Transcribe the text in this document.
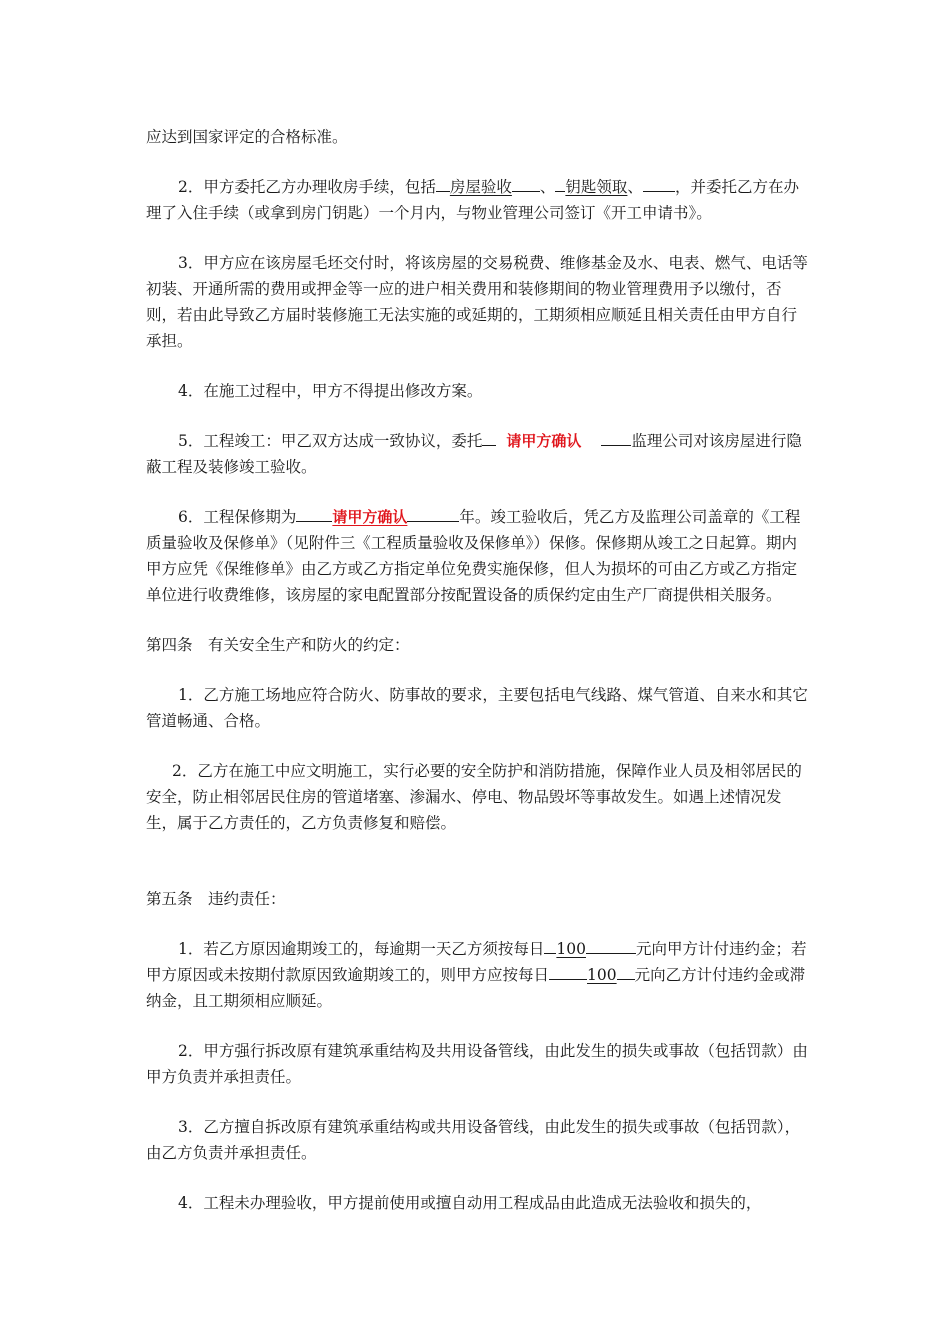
应达到国家评定的合格标准。

2．甲方委托乙方办理收房手续，包括 房屋验收 、 钥匙领取、 ，并委托乙方在办理了入住手续（或拿到房门钥匙）一个月内，与物业管理公司签订《开工申请书》。

3．甲方应在该房屋毛坯交付时，将该房屋的交易税费、维修基金及水、电表、燃气、电话等初装、开通所需的费用或押金等一应的进户相关费用和装修期间的物业管理费用予以缴付，否则，若由此导致乙方届时装修施工无法实施的或延期的，工期须相应顺延且相关责任由甲方自行承担。

4．在施工过程中，甲方不得提出修改方案。

5．工程竣工：甲乙双方达成一致协议，委托 请甲方确认	监理公司对该房屋进行隐蔽工程及装修竣工验收。

6．工程保修期为 请甲方确认	年。竣工验收后，凭乙方及监理公司盖章的《工程质量验收及保修单》（见附件三《工程质量验收及保修单》）保修。保修期从竣工之日起算。期内甲方应凭《保维修单》由乙方或乙方指定单位免费实施保修，但人为损坏的可由乙方或乙方指定单位进行收费维修，该房屋的家电配置部分按配置设备的质保约定由生产厂商提供相关服务。

第四条　有关安全生产和防火的约定：

1．乙方施工场地应符合防火、防事故的要求，主要包括电气线路、煤气管道、自来水和其它管道畅通、合格。

2．乙方在施工中应文明施工，实行必要的安全防护和消防措施，保障作业人员及相邻居民的安全，防止相邻居民住房的管道堵塞、渗漏水、停电、物品毁坏等事故发生。如遇上述情况发生，属于乙方责任的，乙方负责修复和赔偿。

第五条　违约责任：

1．若乙方原因逾期竣工的，每逾期一天乙方须按每日 100	元向甲方计付违约金；若甲方原因或未按期付款原因致逾期竣工的，则甲方应按每日 100 元向乙方计付违约金或滞纳金，且工期须相应顺延。

2．甲方强行拆改原有建筑承重结构及共用设备管线，由此发生的损失或事故（包括罚款）由甲方负责并承担责任。

3．乙方擅自拆改原有建筑承重结构或共用设备管线，由此发生的损失或事故（包括罚款），由乙方负责并承担责任。

4．工程未办理验收，甲方提前使用或擅自动用工程成品由此造成无法验收和损失的，
